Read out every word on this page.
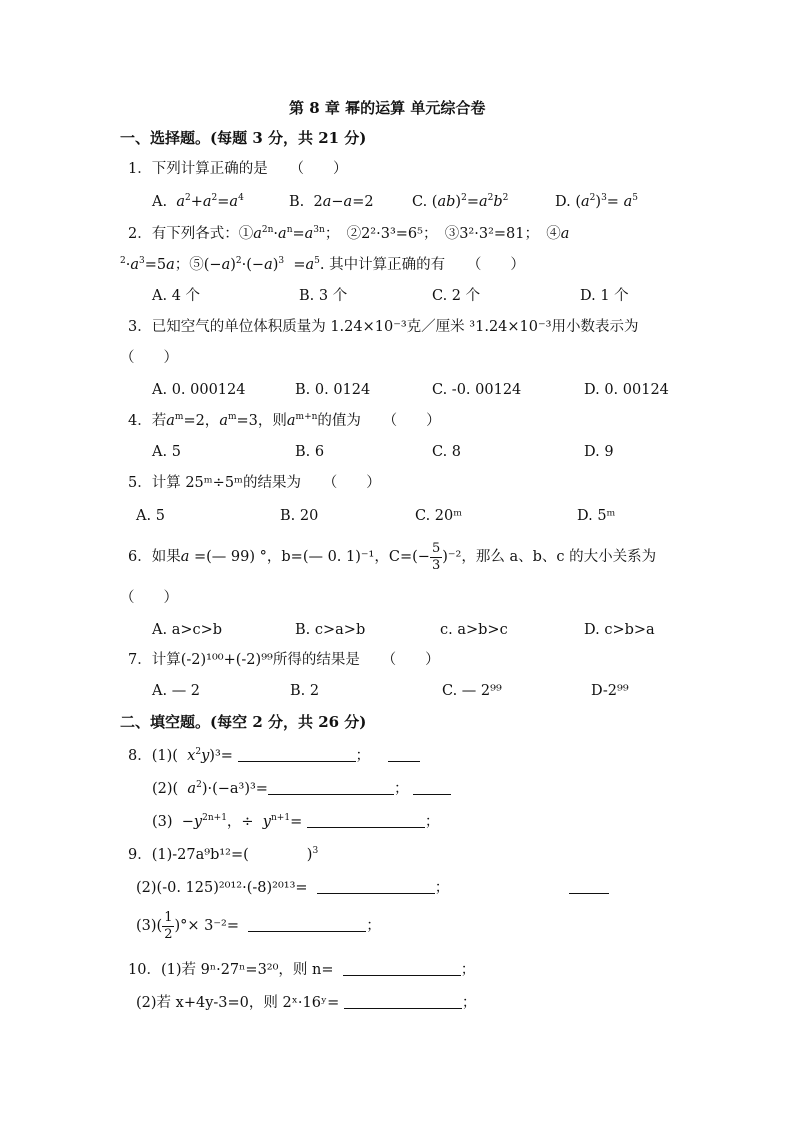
第 8 章 幂的运算 单元综合卷
一、选择题。(每题 3 分，共 21 分)
1．下列计算正确的是　　（　　）
A. $a^2+a^2=a^4$	B.  2a−a=2	C. $(ab)^2=a^2b^2$	D. $(a^2)^3= a^5$
2．有下列各式：$①a^{2n}\cdot a^n=a^{3n}$；　②2²·3³=6⁵；　③3²·3²=81；　④a
$^2\cdot a^3=5a$；$⑤(-a)^2\cdot(-a)^3 =a^5$. 其中计算正确的有　　（　　）
A. 4 个	B. 3 个	C. 2 个	D. 1 个
3．已知空气的单位体积质量为 1.24×10⁻³克／厘米 ³1.24×10⁻³用小数表示为
（　　）
A. 0. 000124	B. 0. 0124	C. -0. 00124	D. 0. 00124
4．若$a^m=2$，$a^m=3$，则$a^{m+n}$的值为　　（　　）
A. 5	B. 6	C. 8	D. 9
5．计算 25ᵐ÷5ᵐ的结果为　　（　　）
A. 5	B. 20	C. 20ᵐ	D. 5ᵐ
6．如果a =(— 99) °，b=(— 0. 1)⁻¹，$C=(- \frac{5}{3} )^{-2}$，那么 a、b、c 的大小关系为
（　　）
A. a>c>b	B. c>a>b	c. a>b>c	D. c>b>a
7．计算(-2)¹⁰⁰+(-2)⁹⁹所得的结果是　　（　　）
A. — 2	B. 2	C. — 2⁹⁹	D-2⁹⁹
二、填空题。(每空 2 分，共 26 分)
8．(1)( $x^2y)^3=$	；
(2)( $a^2)\cdot(-a^3)^3=$	；
$(3) -y^{2n+1}$，÷ $y^{n+1}=$	；
9．(1)-27a⁹b¹²=(　　　　)$^3$
(2)(-0. 125)²⁰¹²·(-8)²⁰¹³=	；
$(3)( \frac{1}{2}$ )°× 3⁻²=	；
10．(1)若 9ⁿ·27ⁿ=3²⁰，则 n=	；
(2)若 x+4y-3=0，则 2ˣ·16ʸ=	；
